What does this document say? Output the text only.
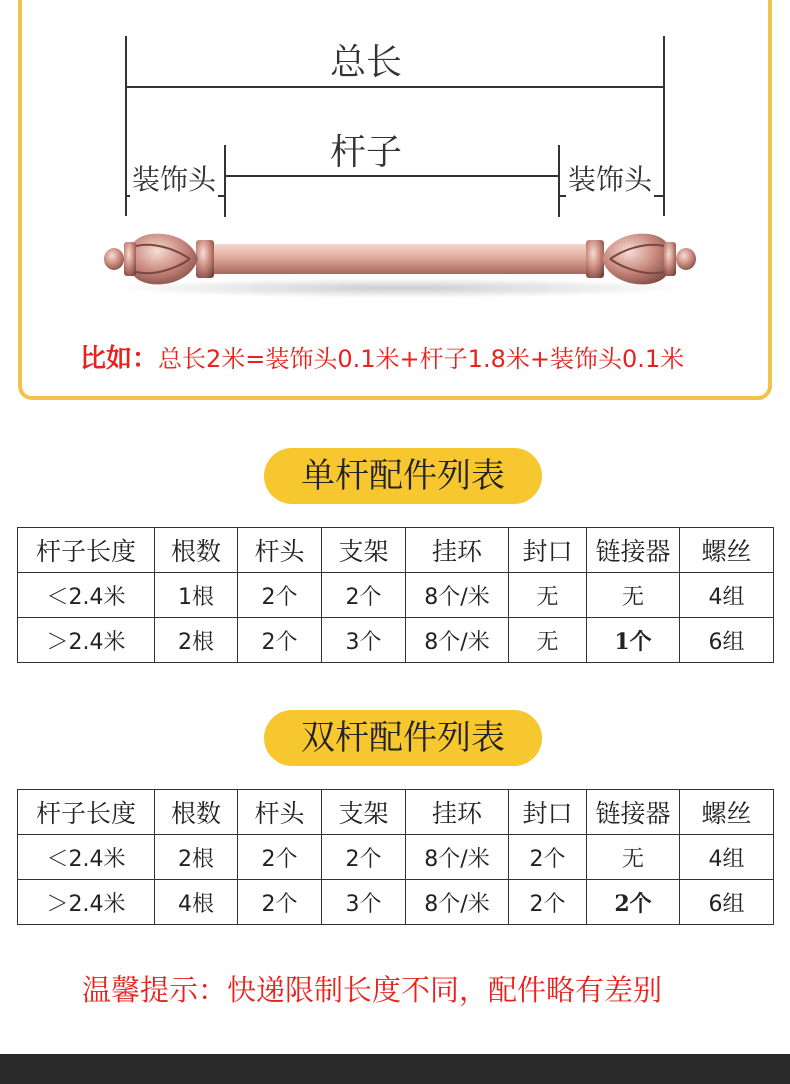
总长
杆子
装饰头	装饰头
比如：总长2米=装饰头0.1米+杆子1.8米+装饰头0.1米
单杆配件列表
杆子长度	根数	杆头	支架	挂环	封口	链接器	螺丝
＜2.4米	1根	2个	2个	8个/米	无	无	4组
＞2.4米	2根	2个	3个	8个/米	无	1个	6组
双杆配件列表
杆子长度	根数	杆头	支架	挂环	封口	链接器	螺丝
＜2.4米	2根	2个	2个	8个/米	2个	无	4组
＞2.4米	4根	2个	3个	8个/米	2个	2个	6组
温馨提示：快递限制长度不同，配件略有差别
